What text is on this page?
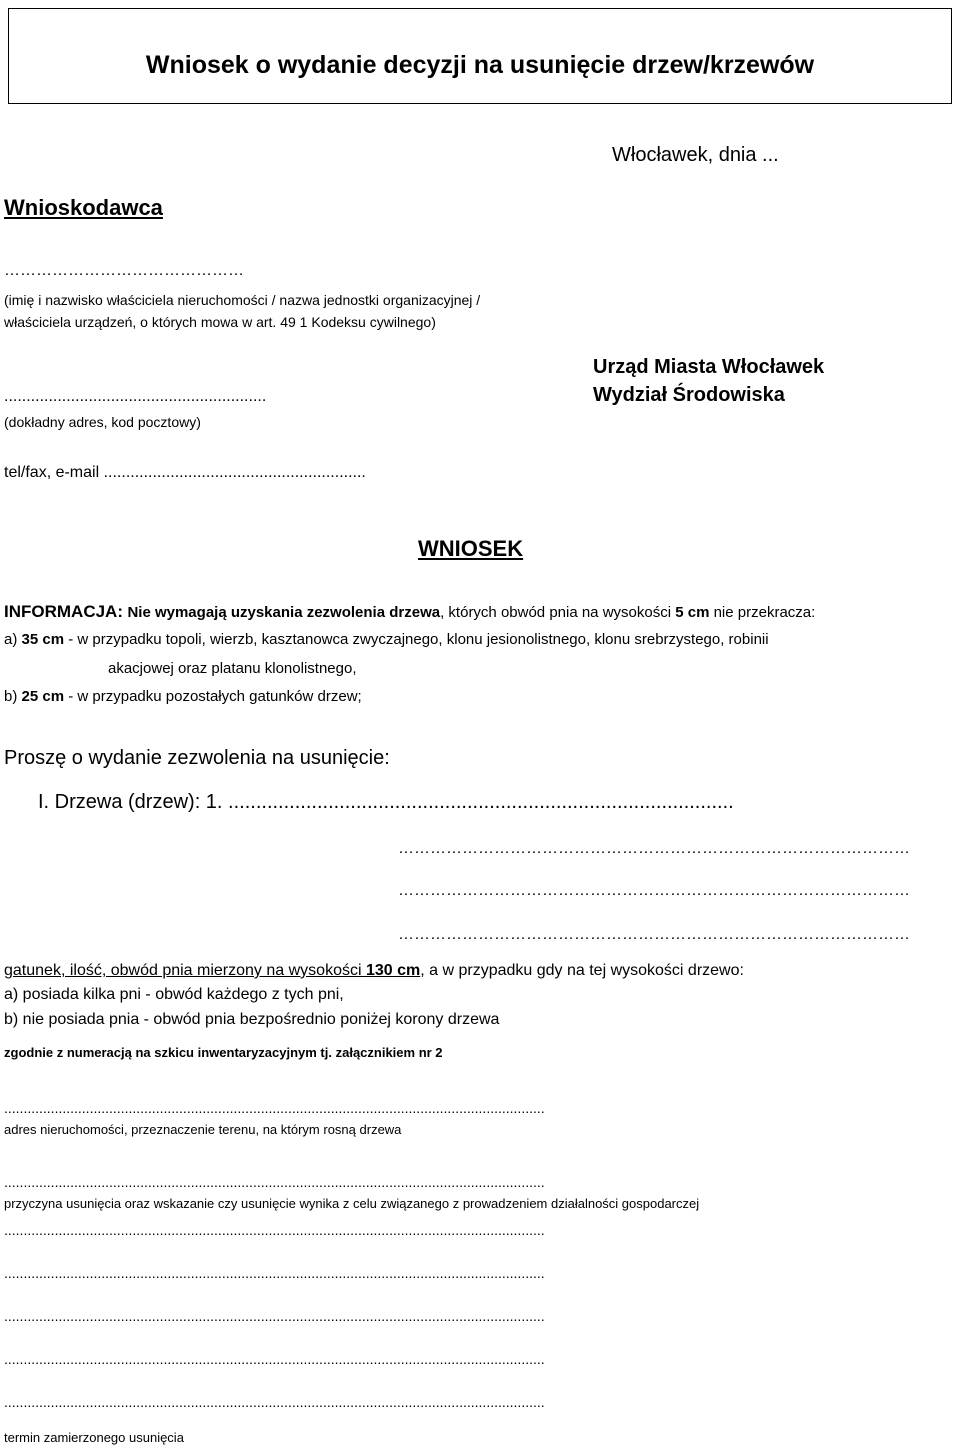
Wniosek o wydanie decyzji na usunięcie drzew/krzewów
Włocławek, dnia ...
Wnioskodawca
………………………………………
(imię i nazwisko właściciela nieruchomości / nazwa jednostki organizacyjnej /
właściciela urządzeń, o których mowa w art. 49 1 Kodeksu cywilnego)
...........................................................
(dokładny adres, kod pocztowy)
tel/fax, e-mail ...........................................................
Urząd Miasta Włocławek
Wydział Środowiska
WNIOSEK
INFORMACJA: Nie wymagają uzyskania zezwolenia drzewa, których obwód pnia na wysokości 5 cm nie przekracza:
a) 35 cm - w przypadku topoli, wierzb, kasztanowca zwyczajnego, klonu jesionolistnego, klonu srebrzystego, robinii
akacjowej oraz platanu klonolistnego,
b) 25 cm - w przypadku pozostałych gatunków drzew;
Proszę o wydanie zezwolenia na usunięcie:
I. Drzewa (drzew): 1. ...........................................................................................
……………………………………………………………………………………
……………………………………………………………………………………
……………………………………………………………………………………
gatunek, ilość, obwód pnia mierzony na wysokości 130 cm, a w przypadku gdy na tej wysokości drzewo:
a) posiada kilka pni - obwód każdego z tych pni,
b) nie posiada pnia - obwód pnia bezpośrednio poniżej korony drzewa
zgodnie z numeracją na szkicu inwentaryzacyjnym tj. załącznikiem nr 2
...........................................................................................................................................
adres nieruchomości, przeznaczenie terenu, na którym rosną drzewa
...........................................................................................................................................
przyczyna usunięcia oraz wskazanie czy usunięcie wynika z celu związanego z prowadzeniem działalności gospodarczej
...........................................................................................................................................
...........................................................................................................................................
...........................................................................................................................................
...........................................................................................................................................
...........................................................................................................................................
termin zamierzonego usunięcia
